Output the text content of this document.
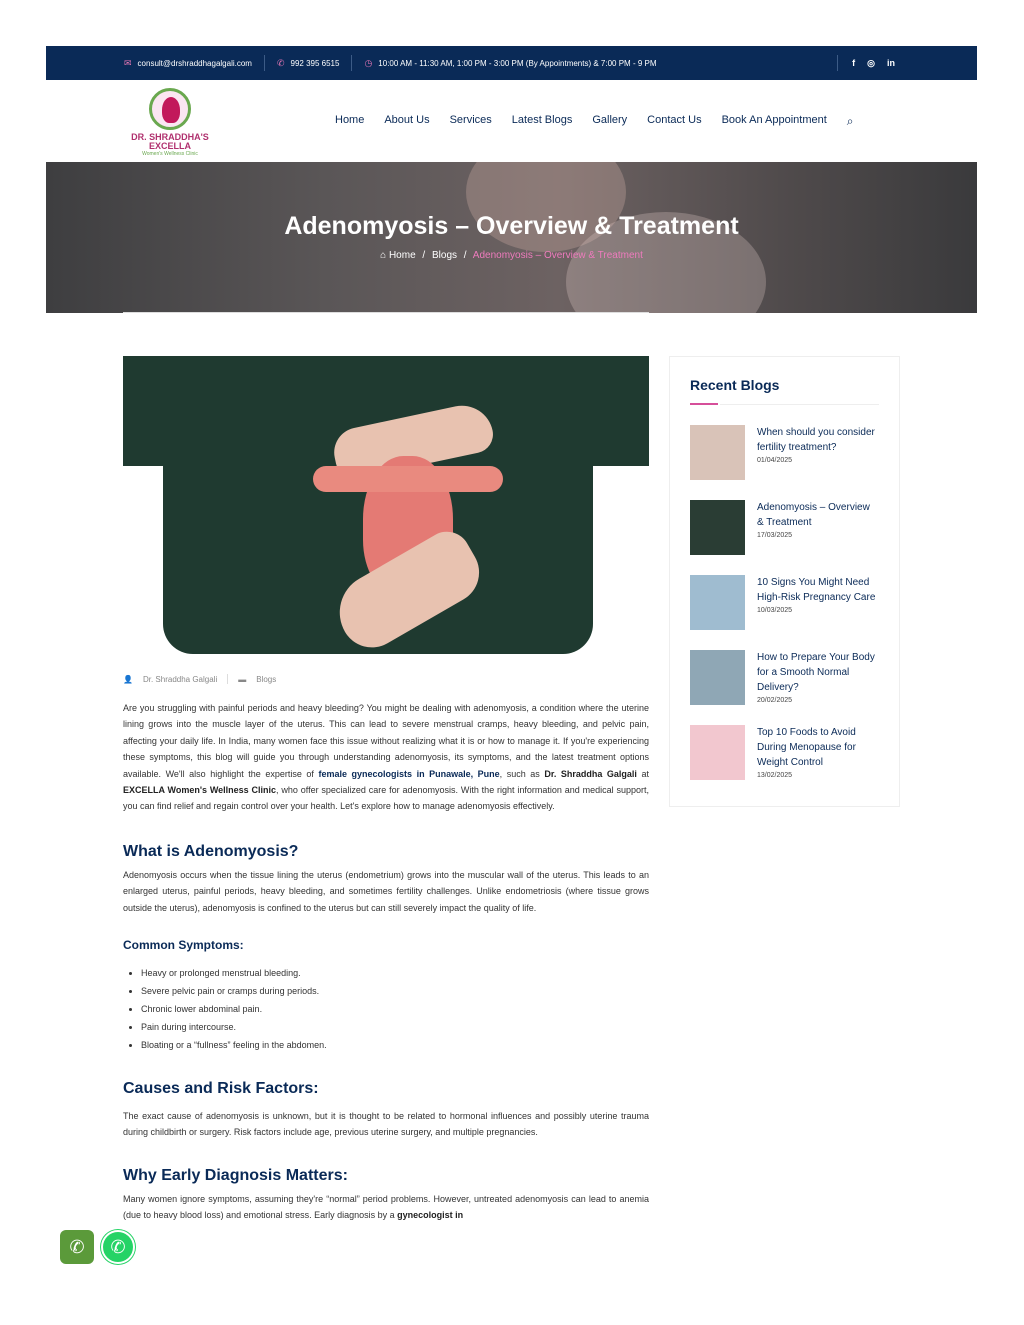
✉ consult@drshraddhagalgali.com	✆ 992 395 6515	◷ 10:00 AM - 11:30 AM, 1:00 PM - 3:00 PM (By Appointments) & 7:00 PM - 9 PM	f ◎ in
DR. SHRADDHA'S
EXCELLA
Women's Wellness Clinic
Home About Us Services Latest Blogs Gallery Contact Us Book An Appointment ⌕
Adenomyosis – Overview & Treatment
⌂ Home / Blogs / Adenomyosis – Overview & Treatment
👤 Dr. Shraddha Galgali	▬ Blogs

Are you struggling with painful periods and heavy bleeding? You might be dealing with adenomyosis, a condition where the uterine lining grows into the muscle layer of the uterus. This can lead to severe menstrual cramps, heavy bleeding, and pelvic pain, affecting your daily life. In India, many women face this issue without realizing what it is or how to manage it. If you're experiencing these symptoms, this blog will guide you through understanding adenomyosis, its symptoms, and the latest treatment options available. We'll also highlight the expertise of female gynecologists in Punawale, Pune, such as Dr. Shraddha Galgali at EXCELLA Women's Wellness Clinic, who offer specialized care for adenomyosis. With the right information and medical support, you can find relief and regain control over your health. Let's explore how to manage adenomyosis effectively.

What is Adenomyosis?

Adenomyosis occurs when the tissue lining the uterus (endometrium) grows into the muscular wall of the uterus. This leads to an enlarged uterus, painful periods, heavy bleeding, and sometimes fertility challenges. Unlike endometriosis (where tissue grows outside the uterus), adenomyosis is confined to the uterus but can still severely impact the quality of life.

Common Symptoms:
• Heavy or prolonged menstrual bleeding.
• Severe pelvic pain or cramps during periods.
• Chronic lower abdominal pain.
• Pain during intercourse.
• Bloating or a “fullness” feeling in the abdomen.
Causes and Risk Factors:

The exact cause of adenomyosis is unknown, but it is thought to be related to hormonal influences and possibly uterine trauma during childbirth or surgery. Risk factors include age, previous uterine surgery, and multiple pregnancies.

Why Early Diagnosis Matters:

Many women ignore symptoms, assuming they're “normal” period problems. However, untreated adenomyosis can lead to anemia (due to heavy blood loss) and emotional stress. Early diagnosis by a gynecologist in

Recent Blogs
When should you consider fertility treatment?
01/04/2025
Adenomyosis – Overview & Treatment
17/03/2025
10 Signs You Might Need High-Risk Pregnancy Care
10/03/2025
How to Prepare Your Body for a Smooth Normal Delivery?
20/02/2025
Top 10 Foods to Avoid During Menopause for Weight Control
13/02/2025
✆ ✆
